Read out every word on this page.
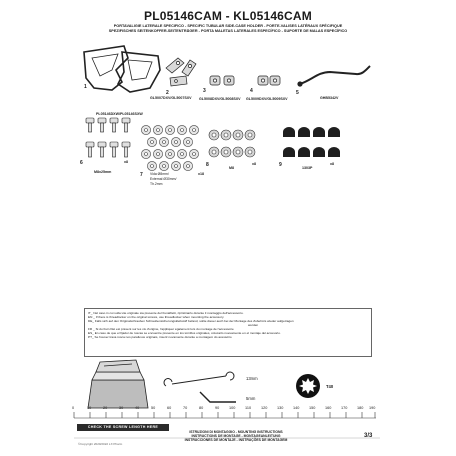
PL05146CAM - KL05146CAM
PORTAVALIGIE LATERALE SPECIFICO - SPECIFIC TUBULAR SIDE-CASE HOLDER - PORTE-VALISES LATÉRAUX SPÉCIFIQUE
SPEZIFISCHES SEITENKOFFER-SEITENTRÄGER - PORTA MALETAS LATERALES ESPECÍFICO - SUPORTE DE MALAS ESPECÍFICO
1
PL05146DXW/PL05146SXW
2
GL5007DXV/GL5007SXV
3
GL5008DXV/GL5008SXV
4
GL5009DXV/GL5009SXV
5
GHB5342V
6
M8x25mm
x8
7	x18
Vida Ø8mm/
External Ø30mm/
Th.2mm
8	M8
x8	9	1303P
x8
IT_ Nel caso in cui sulla vite originale sia presente del frenafiletti, ripristinarlo durante il montaggio dell'accessorio.
EN _ If there is threadlocker on the original screws, use threadlocker when mounting the accessory.
DE_ Falls sich auf den Originalschrauben Schraubensicherungsklebstoff befand, sollte dieser auch bei der Montage des Zubehörs wieder aufgetragen
werden
FR _ Si du frein filet est présent sur les vis d'origine, l'appliquer également lors du montage de l'accessoire
ES_ En caso de que el fijador de roscas se encuentre presente en los tornillos originales, colocarlo nuevamente en el montaje del accesorio.
PT_ Se houver trava rosca nos parafusos originais, inserir novamente durante a montagem do acessório
13mm
5mm
T40
0	10	20	30	40	50	60	70	80	90	100	110	120	130	140	150	160	170	180 190
CHECK THE SCREW LENGTH HERE
ISTRUZIONI DI MONTAGGIO - MOUNTING INSTRUCTIONS
INSTRUCTIONS DE MONTAGE - MONTAGEANLEITUNG
INSTRUCCIONES DE MONTAJE - INSTRUÇÕES DE MONTAGEM
©Copyright 2020/2022 LX Pharm
3/3
